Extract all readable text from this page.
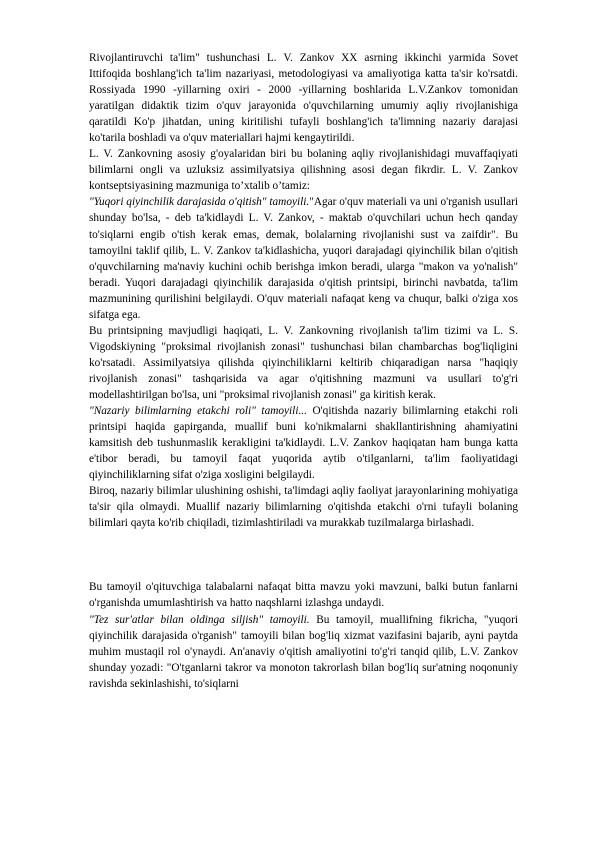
Rivojlantiruvchi ta'lim" tushunchasi L. V. Zankov XX asrning ikkinchi yarmida Sovet Ittifoqida boshlang'ich ta'lim nazariyasi, metodologiyasi va amaliyotiga katta ta'sir ko'rsatdi. Rossiyada 1990 -yillarning oxiri - 2000 -yillarning boshlarida L.V.Zankov tomonidan yaratilgan didaktik tizim o'quv jarayonida o'quvchilarning umumiy aqliy rivojlanishiga qaratildi Ko'p jihatdan, uning kiritilishi tufayli boshlang'ich ta'limning nazariy darajasi ko'tarila boshladi va o'quv materiallari hajmi kengaytirildi.

L. V. Zankovning asosiy g'oyalaridan biri bu bolaning aqliy rivojlanishidagi muvaffaqiyati bilimlarni ongli va uzluksiz assimilyatsiya qilishning asosi degan fikrdir. L. V. Zankov kontseptsiyasining mazmuniga to’xtalib o’tamiz:

"Yuqori qiyinchilik darajasida o'qitish" tamoyili."Agar o'quv materiali va uni o'rganish usullari shunday bo'lsa, - deb ta'kidlaydi L. V. Zankov, - maktab o'quvchilari uchun hech qanday to'siqlarni engib o'tish kerak emas, demak, bolalarning rivojlanishi sust va zaifdir". Bu tamoyilni taklif qilib, L. V. Zankov ta'kidlashicha, yuqori darajadagi qiyinchilik bilan o'qitish o'quvchilarning ma'naviy kuchini ochib berishga imkon beradi, ularga "makon va yo'nalish" beradi. Yuqori darajadagi qiyinchilik darajasida o'qitish printsipi, birinchi navbatda, ta'lim mazmunining qurilishini belgilaydi. O'quv materiali nafaqat keng va chuqur, balki o'ziga xos sifatga ega.

Bu printsipning mavjudligi haqiqati, L. V. Zankovning rivojlanish ta'lim tizimi va L. S. Vigodskiyning "proksimal rivojlanish zonasi" tushunchasi bilan chambarchas bog'liqligini ko'rsatadi. Assimilyatsiya qilishda qiyinchiliklarni keltirib chiqaradigan narsa "haqiqiy rivojlanish zonasi" tashqarisida va agar o'qitishning mazmuni va usullari to'g'ri modellashtirilgan bo'lsa, uni "proksimal rivojlanish zonasi" ga kiritish kerak.

"Nazariy bilimlarning etakchi roli" tamoyili... O'qitishda nazariy bilimlarning etakchi roli printsipi haqida gapirganda, muallif buni ko'nikmalarni shakllantirishning ahamiyatini kamsitish deb tushunmaslik kerakligini ta'kidlaydi. L.V. Zankov haqiqatan ham bunga katta e'tibor beradi, bu tamoyil faqat yuqorida aytib o'tilganlarni, ta'lim faoliyatidagi qiyinchiliklarning sifat o'ziga xosligini belgilaydi.

Biroq, nazariy bilimlar ulushining oshishi, ta'limdagi aqliy faoliyat jarayonlarining mohiyatiga ta'sir qila olmaydi. Muallif nazariy bilimlarning o'qitishda etakchi o'rni tufayli bolaning bilimlari qayta ko'rib chiqiladi, tizimlashtiriladi va murakkab tuzilmalarga birlashadi.

Bu tamoyil o'qituvchiga talabalarni nafaqat bitta mavzu yoki mavzuni, balki butun fanlarni o'rganishda umumlashtirish va hatto naqshlarni izlashga undaydi.

"Tez sur'atlar bilan oldinga siljish" tamoyili. Bu tamoyil, muallifning fikricha, "yuqori qiyinchilik darajasida o'rganish" tamoyili bilan bog'liq xizmat vazifasini bajarib, ayni paytda muhim mustaqil rol o'ynaydi. An'anaviy o'qitish amaliyotini to'g'ri tanqid qilib, L.V. Zankov shunday yozadi: "O'tganlarni takror va monoton takrorlash bilan bog'liq sur'atning noqonuniy ravishda sekinlashishi, to'siqlarni
